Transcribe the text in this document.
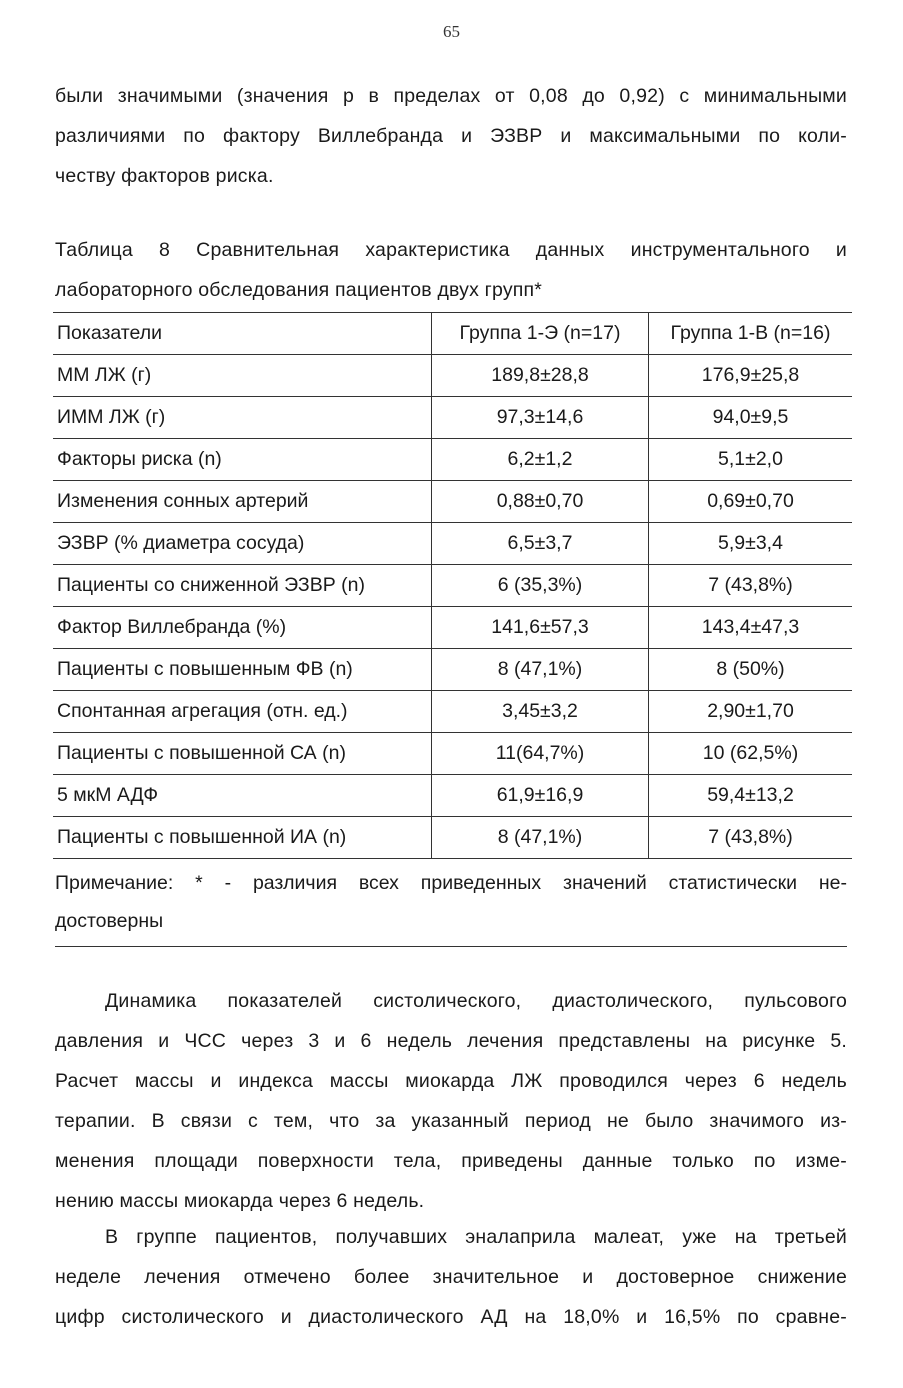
65
были значимыми (значения р в пределах от 0,08 до 0,92) с минимальными
различиями по фактору Виллебранда и ЭЗВР и максимальными по коли-
честву факторов риска.
Таблица 8 Сравнительная характеристика данных инструментального и
лабораторного обследования пациентов двух групп*
Показатели	Группа 1-Э (n=17)	Группа 1-В (n=16)
ММ ЛЖ (г)	189,8±28,8	176,9±25,8
ИММ ЛЖ (г)	97,3±14,6	94,0±9,5
Факторы риска (n)	6,2±1,2	5,1±2,0
Изменения сонных артерий	0,88±0,70	0,69±0,70
ЭЗВР (% диаметра сосуда)	6,5±3,7	5,9±3,4
Пациенты со сниженной ЭЗВР (n)	6 (35,3%)	7 (43,8%)
Фактор Виллебранда (%)	141,6±57,3	143,4±47,3
Пациенты с повышенным ФВ (n)	8 (47,1%)	8 (50%)
Спонтанная агрегация (отн. ед.)	3,45±3,2	2,90±1,70
Пациенты с повышенной СА (n)	11(64,7%)	10 (62,5%)
5 мкМ АДФ	61,9±16,9	59,4±13,2
Пациенты с повышенной ИА (n)	8 (47,1%)	7 (43,8%)
Примечание: * - различия всех приведенных значений статистически не-
достоверны
Динамика показателей систолического, диастолического, пульсового
давления и ЧСС через 3 и 6 недель лечения представлены на рисунке 5.
Расчет массы и индекса массы миокарда ЛЖ проводился через 6 недель
терапии. В связи с тем, что за указанный период не было значимого из-
менения площади поверхности тела, приведены данные только по изме-
нению массы миокарда через 6 недель.
В группе пациентов, получавших эналаприла малеат, уже на третьей
неделе лечения отмечено более значительное и достоверное снижение
цифр систолического и диастолического АД на 18,0% и 16,5% по сравне-
